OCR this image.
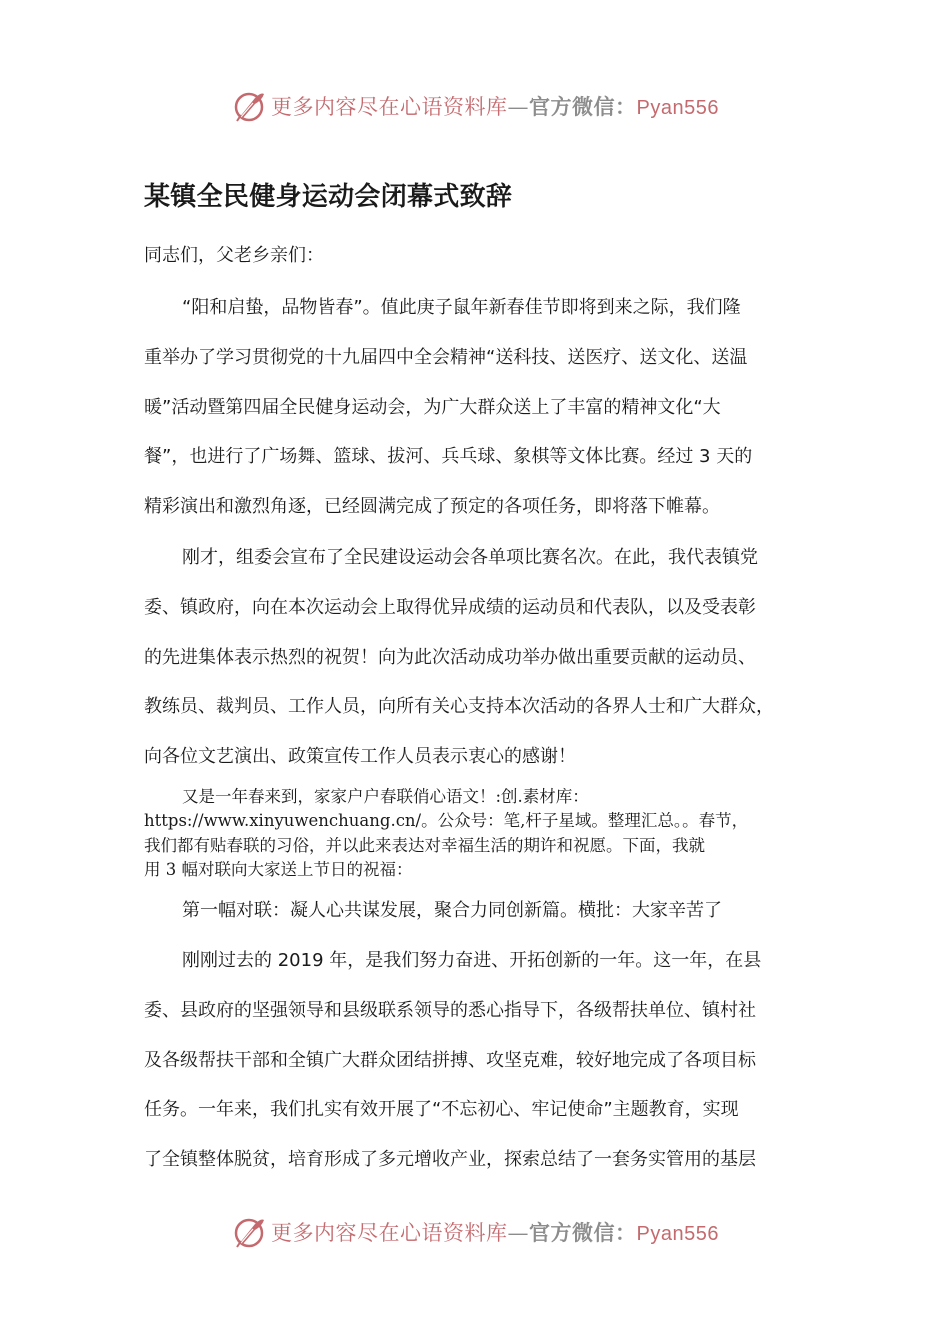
更多内容尽在心语资料库—官方微信：Pyan556
某镇全民健身运动会闭幕式致辞

同志们，父老乡亲们：

“阳和启蛰，品物皆春”。值此庚子鼠年新春佳节即将到来之际，我们隆

重举办了学习贯彻党的十九届四中全会精神“送科技、送医疗、送文化、送温

暖”活动暨第四届全民健身运动会，为广大群众送上了丰富的精神文化“大

餐”，也进行了广场舞、篮球、拔河、兵乓球、象棋等文体比赛。经过 3 天的

精彩演出和激烈角逐，已经圆满完成了预定的各项任务，即将落下帷幕。

刚才，组委会宣布了全民建设运动会各单项比赛名次。在此，我代表镇党

委、镇政府，向在本次运动会上取得优异成绩的运动员和代表队，以及受表彰

的先进集体表示热烈的祝贺！向为此次活动成功举办做出重要贡献的运动员、

教练员、裁判员、工作人员，向所有关心支持本次活动的各界人士和广大群众，

向各位文艺演出、政策宣传工作人员表示衷心的感谢！

又是一年春来到，家家户户春联俏心语文！:创.素材库：

https://www.xinyuwenchuang.cn/。公众号：笔,杆子星域。整理汇总。。春节，

我们都有贴春联的习俗，并以此来表达对幸福生活的期许和祝愿。下面，我就

用 3 幅对联向大家送上节日的祝福：

第一幅对联：凝人心共谋发展，聚合力同创新篇。横批：大家辛苦了

刚刚过去的 2019 年，是我们努力奋进、开拓创新的一年。这一年，在县

委、县政府的坚强领导和县级联系领导的悉心指导下，各级帮扶单位、镇村社

及各级帮扶干部和全镇广大群众团结拼搏、攻坚克难，较好地完成了各项目标

任务。一年来，我们扎实有效开展了“不忘初心、牢记使命”主题教育，实现

了全镇整体脱贫，培育形成了多元增收产业，探索总结了一套务实管用的基层

更多内容尽在心语资料库—官方微信：Pyan556
